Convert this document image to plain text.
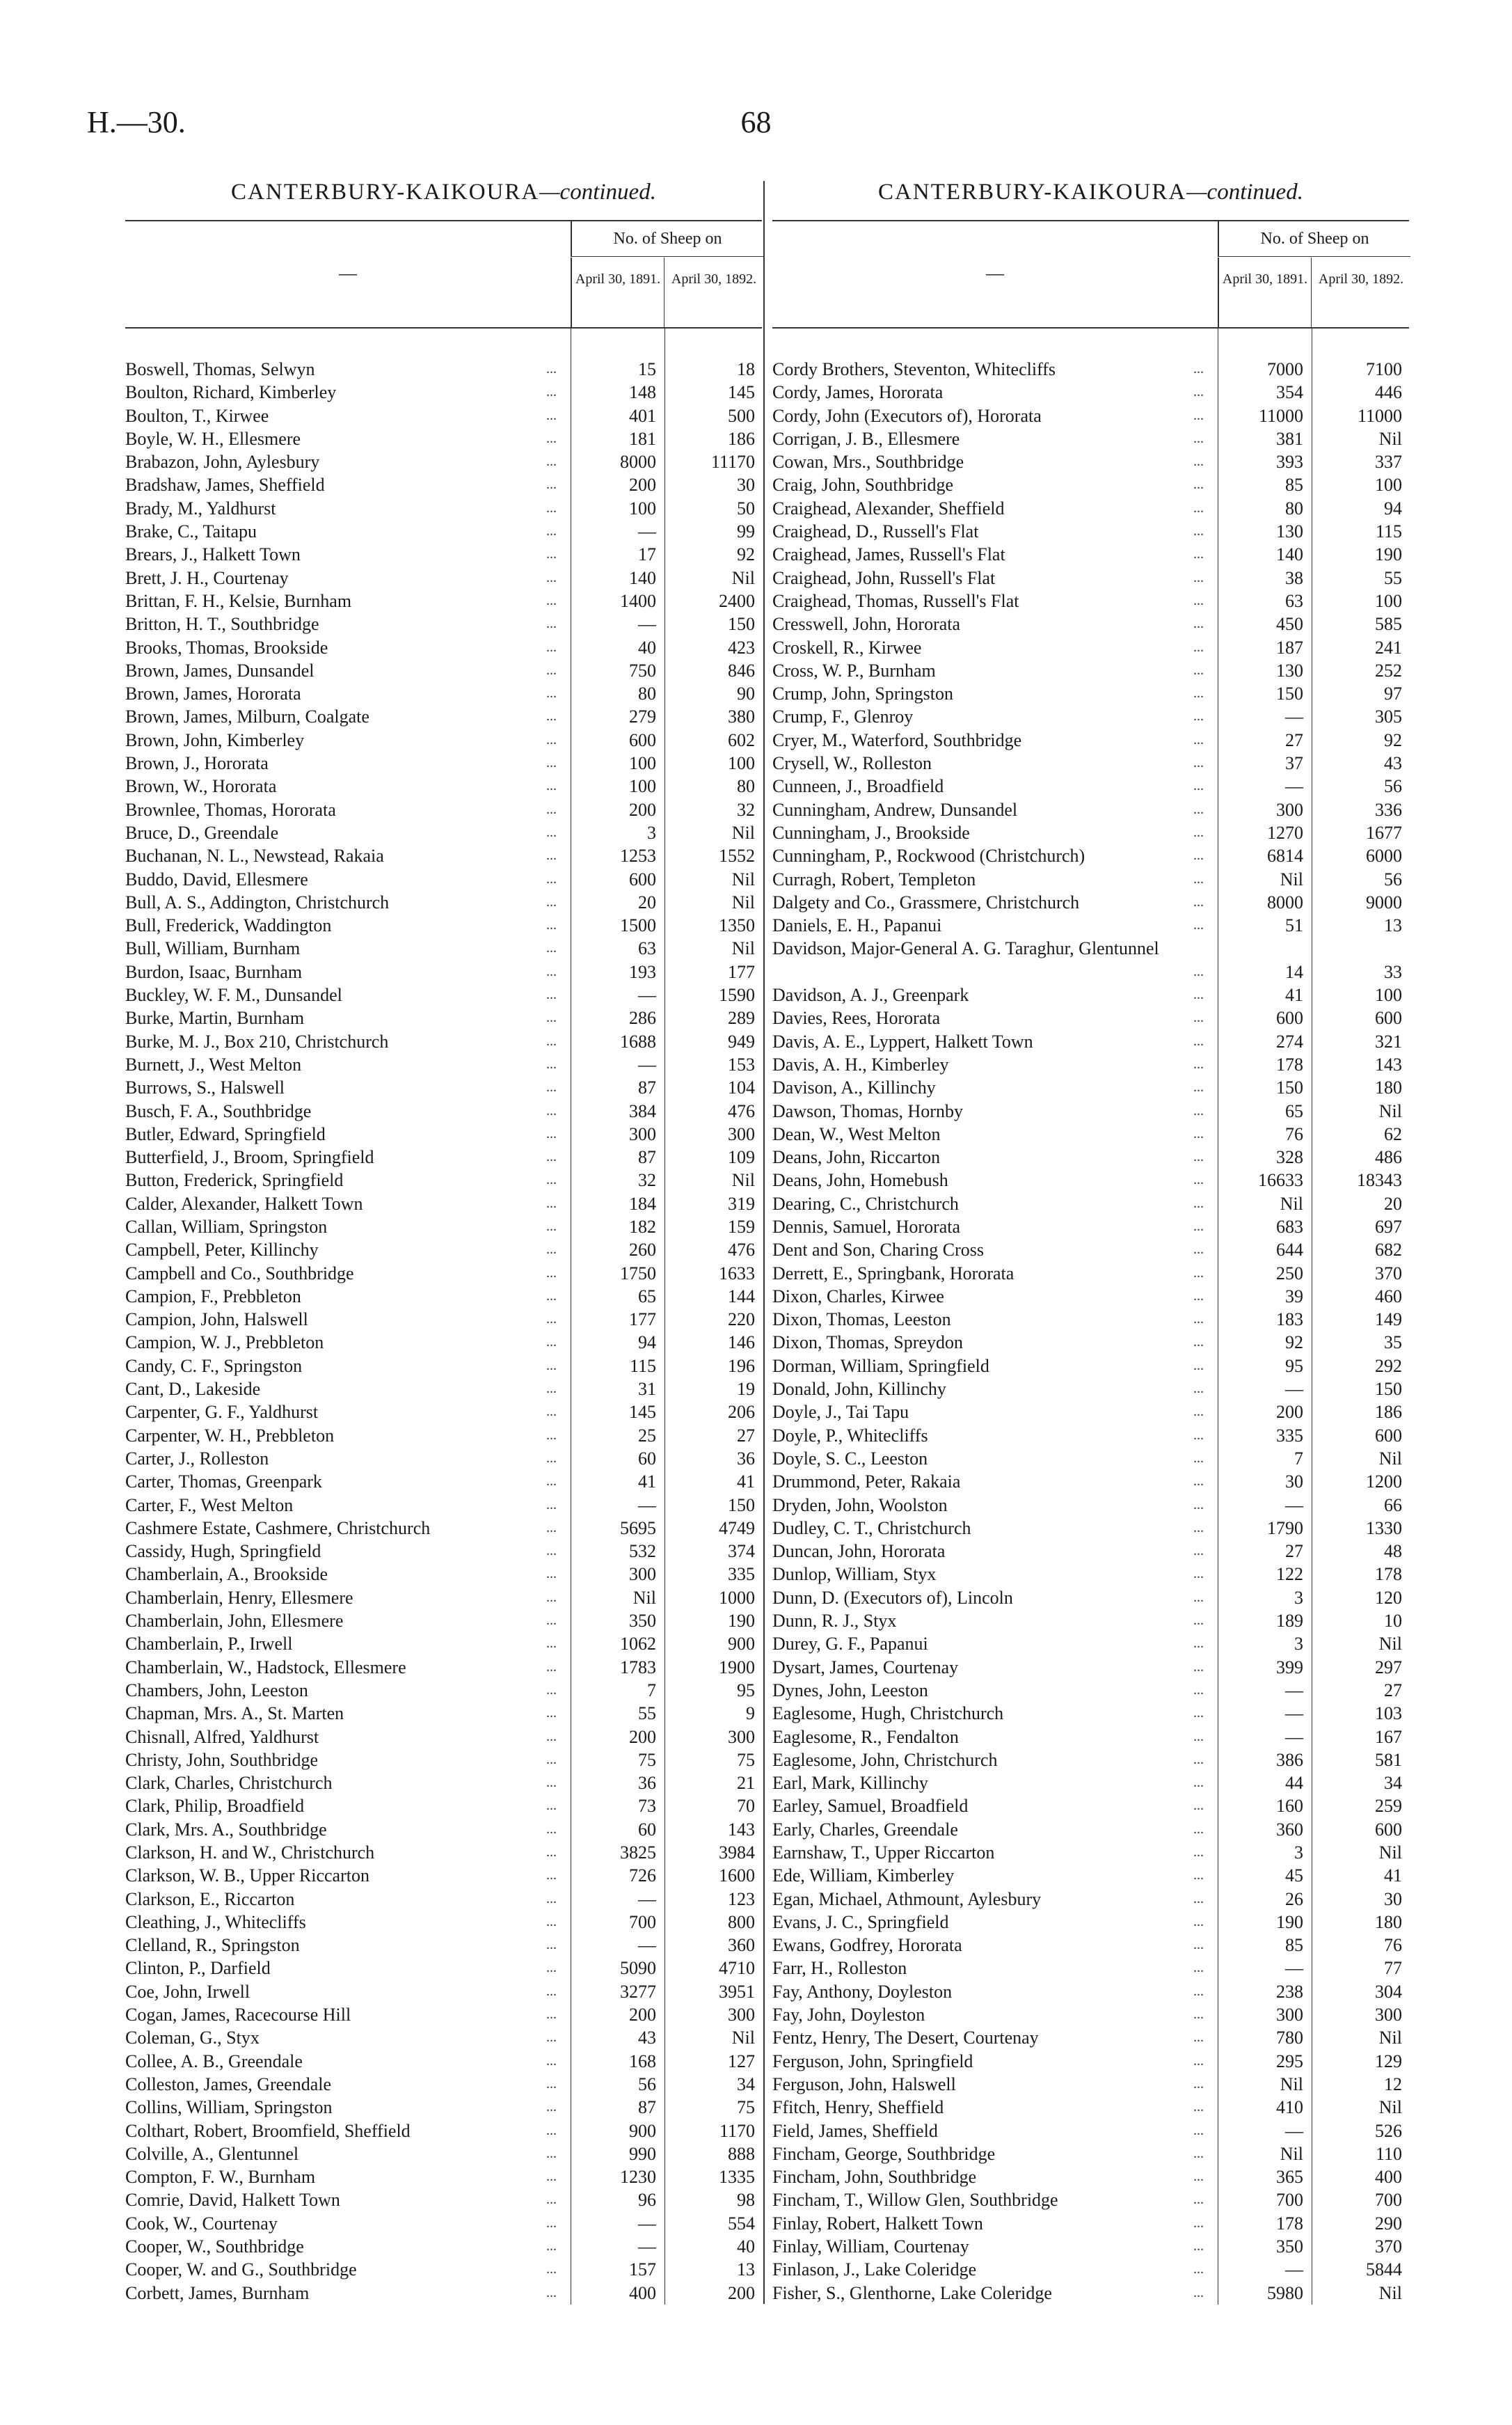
H.—30.	68
CANTERBURY-KAIKOURA—continued.
—
No. of Sheep on
April 30, 1891. April 30, 1892.
Boswell, Thomas, Selwyn	...	15	18
Boulton, Richard, Kimberley	...	148	145
Boulton, T., Kirwee	...	401	500
Boyle, W. H., Ellesmere	...	181	186
Brabazon, John, Aylesbury	...	8000	11170
Bradshaw, James, Sheffield	...	200	30
Brady, M., Yaldhurst	...	100	50
Brake, C., Taitapu	...	—	99
Brears, J., Halkett Town	...	17	92
Brett, J. H., Courtenay	...	140	Nil
Brittan, F. H., Kelsie, Burnham	...	1400	2400
Britton, H. T., Southbridge	...	—	150
Brooks, Thomas, Brookside	...	40	423
Brown, James, Dunsandel	...	750	846
Brown, James, Hororata	...	80	90
Brown, James, Milburn, Coalgate	...	279	380
Brown, John, Kimberley	...	600	602
Brown, J., Hororata	...	100	100
Brown, W., Hororata	...	100	80
Brownlee, Thomas, Hororata	...	200	32
Bruce, D., Greendale	...	3	Nil
Buchanan, N. L., Newstead, Rakaia	...	1253	1552
Buddo, David, Ellesmere	...	600	Nil
Bull, A. S., Addington, Christchurch	...	20	Nil
Bull, Frederick, Waddington	...	1500	1350
Bull, William, Burnham	...	63	Nil
Burdon, Isaac, Burnham	...	193	177
Buckley, W. F. M., Dunsandel	...	—	1590
Burke, Martin, Burnham	...	286	289
Burke, M. J., Box 210, Christchurch	...	1688	949
Burnett, J., West Melton	...	—	153
Burrows, S., Halswell	...	87	104
Busch, F. A., Southbridge	...	384	476
Butler, Edward, Springfield	...	300	300
Butterfield, J., Broom, Springfield	...	87	109
Button, Frederick, Springfield	...	32	Nil
Calder, Alexander, Halkett Town	...	184	319
Callan, William, Springston	...	182	159
Campbell, Peter, Killinchy	...	260	476
Campbell and Co., Southbridge	...	1750	1633
Campion, F., Prebbleton	...	65	144
Campion, John, Halswell	...	177	220
Campion, W. J., Prebbleton	...	94	146
Candy, C. F., Springston	...	115	196
Cant, D., Lakeside	...	31	19
Carpenter, G. F., Yaldhurst	...	145	206
Carpenter, W. H., Prebbleton	...	25	27
Carter, J., Rolleston	...	60	36
Carter, Thomas, Greenpark	...	41	41
Carter, F., West Melton	...	—	150
Cashmere Estate, Cashmere, Christchurch	...	5695	4749
Cassidy, Hugh, Springfield	...	532	374
Chamberlain, A., Brookside	...	300	335
Chamberlain, Henry, Ellesmere	...	Nil	1000
Chamberlain, John, Ellesmere	...	350	190
Chamberlain, P., Irwell	...	1062	900
Chamberlain, W., Hadstock, Ellesmere	...	1783	1900
Chambers, John, Leeston	...	7	95
Chapman, Mrs. A., St. Marten	...	55	9
Chisnall, Alfred, Yaldhurst	...	200	300
Christy, John, Southbridge	...	75	75
Clark, Charles, Christchurch	...	36	21
Clark, Philip, Broadfield	...	73	70
Clark, Mrs. A., Southbridge	...	60	143
Clarkson, H. and W., Christchurch	...	3825	3984
Clarkson, W. B., Upper Riccarton	...	726	1600
Clarkson, E., Riccarton	...	—	123
Cleathing, J., Whitecliffs	...	700	800
Clelland, R., Springston	...	—	360
Clinton, P., Darfield	...	5090	4710
Coe, John, Irwell	...	3277	3951
Cogan, James, Racecourse Hill	...	200	300
Coleman, G., Styx	...	43	Nil
Collee, A. B., Greendale	...	168	127
Colleston, James, Greendale	...	56	34
Collins, William, Springston	...	87	75
Colthart, Robert, Broomfield, Sheffield	...	900	1170
Colville, A., Glentunnel	...	990	888
Compton, F. W., Burnham	...	1230	1335
Comrie, David, Halkett Town	...	96	98
Cook, W., Courtenay	...	—	554
Cooper, W., Southbridge	...	—	40
Cooper, W. and G., Southbridge	...	157	13
Corbett, James, Burnham	...	400	200
CANTERBURY-KAIKOURA—continued.
—
No. of Sheep on
April 30, 1891. April 30, 1892.
Cordy Brothers, Steventon, Whitecliffs	...	7000	7100
Cordy, James, Hororata	...	354	446
Cordy, John (Executors of), Hororata	...	11000	11000
Corrigan, J. B., Ellesmere	...	381	Nil
Cowan, Mrs., Southbridge	...	393	337
Craig, John, Southbridge	...	85	100
Craighead, Alexander, Sheffield	...	80	94
Craighead, D., Russell's Flat	...	130	115
Craighead, James, Russell's Flat	...	140	190
Craighead, John, Russell's Flat	...	38	55
Craighead, Thomas, Russell's Flat	...	63	100
Cresswell, John, Hororata	...	450	585
Croskell, R., Kirwee	...	187	241
Cross, W. P., Burnham	...	130	252
Crump, John, Springston	...	150	97
Crump, F., Glenroy	...	—	305
Cryer, M., Waterford, Southbridge	...	27	92
Crysell, W., Rolleston	...	37	43
Cunneen, J., Broadfield	...	—	56
Cunningham, Andrew, Dunsandel	...	300	336
Cunningham, J., Brookside	...	1270	1677
Cunningham, P., Rockwood (Christchurch)	...	6814	6000
Curragh, Robert, Templeton	...	Nil	56
Dalgety and Co., Grassmere, Christchurch	...	8000	9000
Daniels, E. H., Papanui	...	51	13
Davidson, Major-General A. G. Taraghur, Glentunnel
...	14	33
Davidson, A. J., Greenpark	...	41	100
Davies, Rees, Hororata	...	600	600
Davis, A. E., Lyppert, Halkett Town	...	274	321
Davis, A. H., Kimberley	...	178	143
Davison, A., Killinchy	...	150	180
Dawson, Thomas, Hornby	...	65	Nil
Dean, W., West Melton	...	76	62
Deans, John, Riccarton	...	328	486
Deans, John, Homebush	...	16633	18343
Dearing, C., Christchurch	...	Nil	20
Dennis, Samuel, Hororata	...	683	697
Dent and Son, Charing Cross	...	644	682
Derrett, E., Springbank, Hororata	...	250	370
Dixon, Charles, Kirwee	...	39	460
Dixon, Thomas, Leeston	...	183	149
Dixon, Thomas, Spreydon	...	92	35
Dorman, William, Springfield	...	95	292
Donald, John, Killinchy	...	—	150
Doyle, J., Tai Tapu	...	200	186
Doyle, P., Whitecliffs	...	335	600
Doyle, S. C., Leeston	...	7	Nil
Drummond, Peter, Rakaia	...	30	1200
Dryden, John, Woolston	...	—	66
Dudley, C. T., Christchurch	...	1790	1330
Duncan, John, Hororata	...	27	48
Dunlop, William, Styx	...	122	178
Dunn, D. (Executors of), Lincoln	...	3	120
Dunn, R. J., Styx	...	189	10
Durey, G. F., Papanui	...	3	Nil
Dysart, James, Courtenay	...	399	297
Dynes, John, Leeston	...	—	27
Eaglesome, Hugh, Christchurch	...	—	103
Eaglesome, R., Fendalton	...	—	167
Eaglesome, John, Christchurch	...	386	581
Earl, Mark, Killinchy	...	44	34
Earley, Samuel, Broadfield	...	160	259
Early, Charles, Greendale	...	360	600
Earnshaw, T., Upper Riccarton	...	3	Nil
Ede, William, Kimberley	...	45	41
Egan, Michael, Athmount, Aylesbury	...	26	30
Evans, J. C., Springfield	...	190	180
Ewans, Godfrey, Hororata	...	85	76
Farr, H., Rolleston	...	—	77
Fay, Anthony, Doyleston	...	238	304
Fay, John, Doyleston	...	300	300
Fentz, Henry, The Desert, Courtenay	...	780	Nil
Ferguson, John, Springfield	...	295	129
Ferguson, John, Halswell	...	Nil	12
Ffitch, Henry, Sheffield	...	410	Nil
Field, James, Sheffield	...	—	526
Fincham, George, Southbridge	...	Nil	110
Fincham, John, Southbridge	...	365	400
Fincham, T., Willow Glen, Southbridge	...	700	700
Finlay, Robert, Halkett Town	...	178	290
Finlay, William, Courtenay	...	350	370
Finlason, J., Lake Coleridge	...	—	5844
Fisher, S., Glenthorne, Lake Coleridge	...	5980	Nil
